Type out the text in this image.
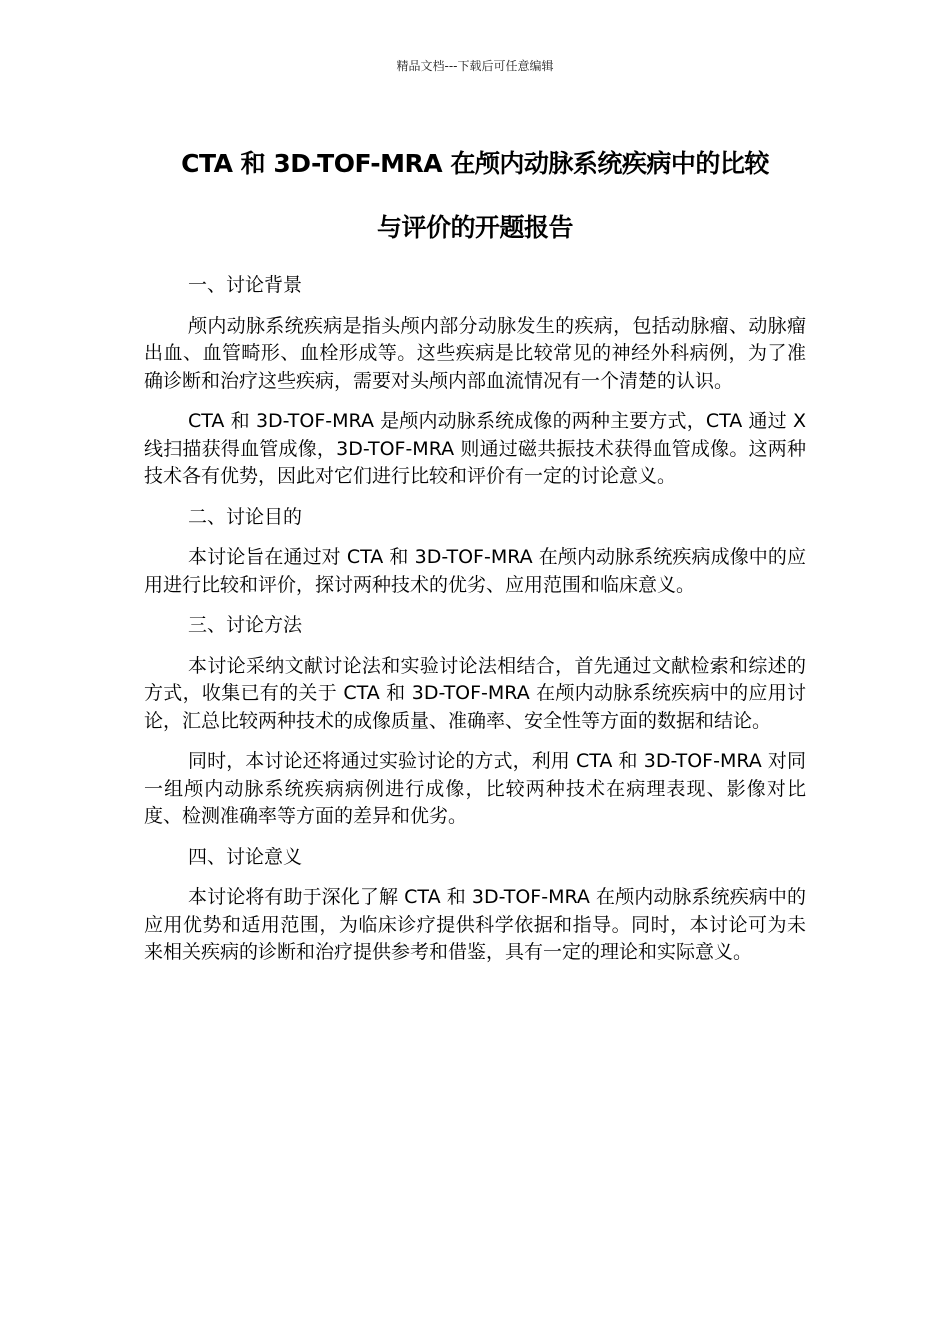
精品文档---下载后可任意编辑
CTA 和 3D-TOF-MRA 在颅内动脉系统疾病中的比较
与评价的开题报告
一、讨论背景

颅内动脉系统疾病是指头颅内部分动脉发生的疾病，包括动脉瘤、动脉瘤出血、血管畸形、血栓形成等。这些疾病是比较常见的神经外科病例，为了准确诊断和治疗这些疾病，需要对头颅内部血流情况有一个清楚的认识。

CTA 和 3D-TOF-MRA 是颅内动脉系统成像的两种主要方式，CTA 通过 X 线扫描获得血管成像，3D-TOF-MRA 则通过磁共振技术获得血管成像。这两种技术各有优势，因此对它们进行比较和评价有一定的讨论意义。

二、讨论目的

本讨论旨在通过对 CTA 和 3D-TOF-MRA 在颅内动脉系统疾病成像中的应用进行比较和评价，探讨两种技术的优劣、应用范围和临床意义。

三、讨论方法

本讨论采纳文献讨论法和实验讨论法相结合，首先通过文献检索和综述的方式，收集已有的关于 CTA 和 3D-TOF-MRA 在颅内动脉系统疾病中的应用讨论，汇总比较两种技术的成像质量、准确率、安全性等方面的数据和结论。

同时，本讨论还将通过实验讨论的方式，利用 CTA 和 3D-TOF-MRA 对同一组颅内动脉系统疾病病例进行成像，比较两种技术在病理表现、影像对比度、检测准确率等方面的差异和优劣。

四、讨论意义

本讨论将有助于深化了解 CTA 和 3D-TOF-MRA 在颅内动脉系统疾病中的应用优势和适用范围，为临床诊疗提供科学依据和指导。同时，本讨论可为未来相关疾病的诊断和治疗提供参考和借鉴，具有一定的理论和实际意义。
